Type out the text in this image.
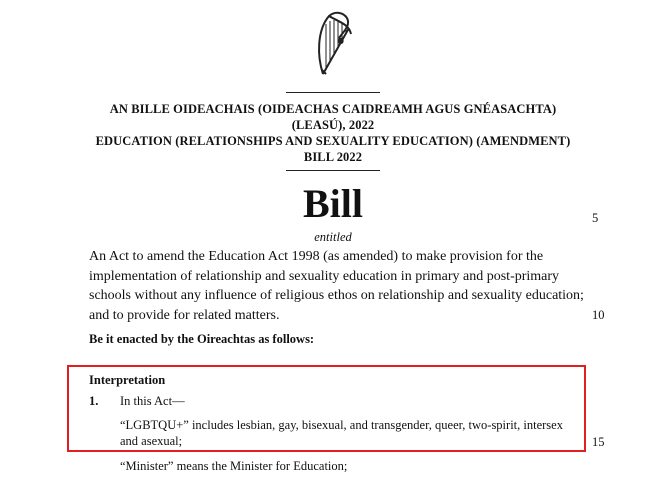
AN BILLE OIDEACHAIS (OIDEACHAS CAIDREAMH AGUS GNÉASACHTA)
(LEASÚ), 2022
EDUCATION (RELATIONSHIPS AND SEXUALITY EDUCATION) (AMENDMENT)
BILL 2022
Bill
entitled
5
An Act to amend the Education Act 1998 (as amended) to make provision for the
implementation of relationship and sexuality education in primary and post-primary
schools without any influence of religious ethos on relationship and sexuality education;
and to provide for related matters.	10
Be it enacted by the Oireachtas as follows:
Interpretation
1. In this Act—
“LGBTQU+” includes lesbian, gay, bisexual, and transgender, queer, two-spirit, intersex and asexual;	15
“Minister” means the Minister for Education;
